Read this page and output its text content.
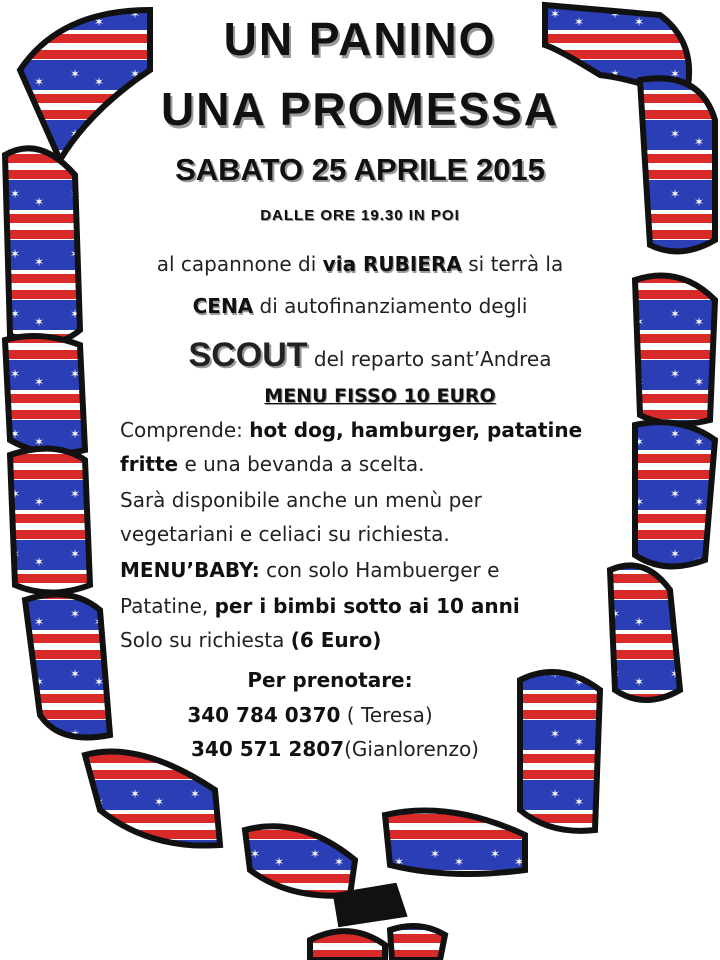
UN PANINO
UNA PROMESSA
SABATO 25 APRILE 2015
DALLE ORE 19.30 IN POI
al capannone di via RUBIERA si terrà la
CENA di autofinanziamento degli
SCOUT del reparto sant’Andrea
MENU FISSO 10 EURO
Comprende: hot dog, hamburger, patatine
fritte e una bevanda a scelta.
Sarà disponibile anche un menù per
vegetariani e celiaci su richiesta.
MENU’BABY: con solo Hambuerger e
Patatine, per i bimbi sotto ai 10 anni
Solo su richiesta (6 Euro)
Per prenotare:
340 784 0370 ( Teresa)
340 571 2807(Gianlorenzo)
